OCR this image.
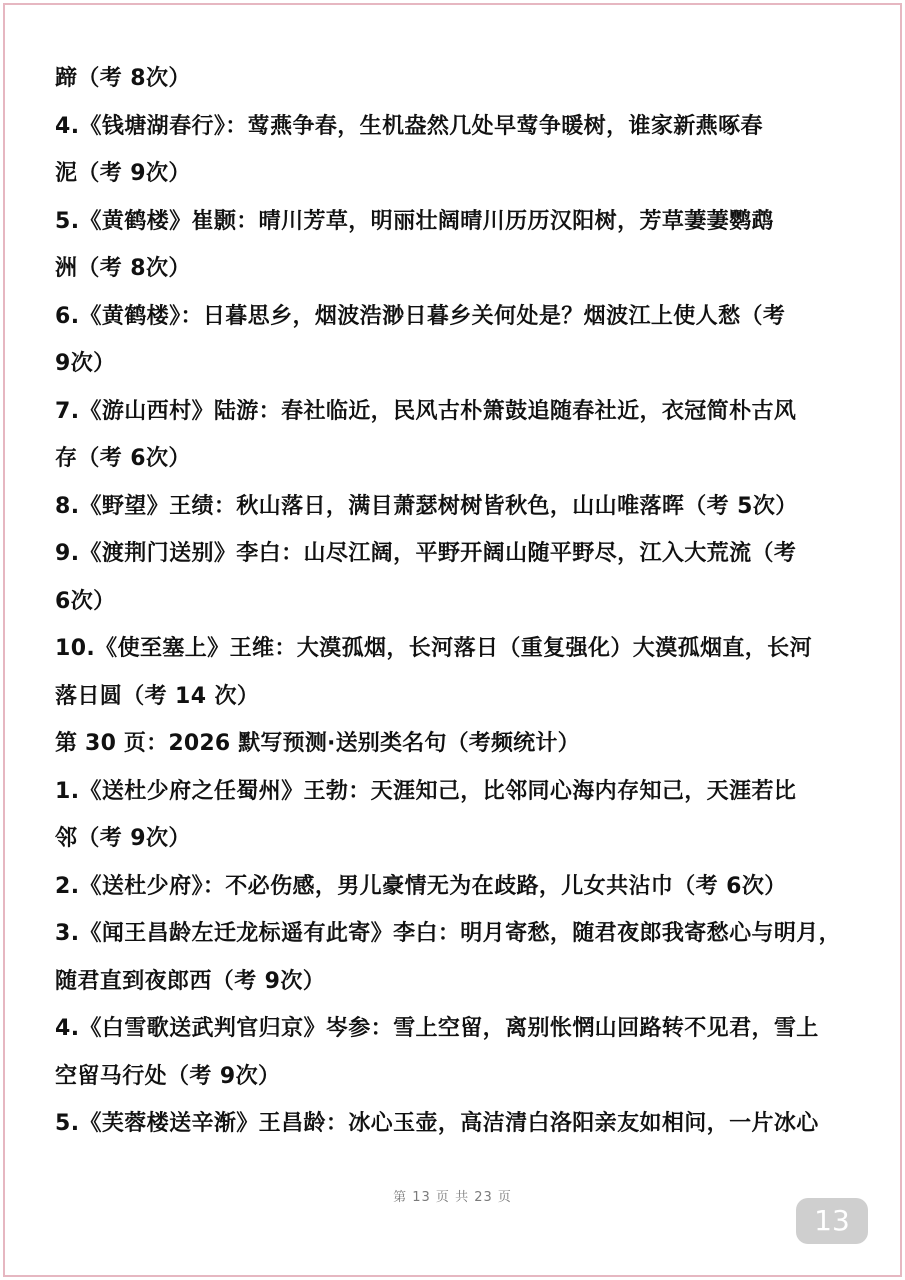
蹄（考 8次）
4.《钱塘湖春行》：莺燕争春，生机盎然几处早莺争暖树，谁家新燕啄春
泥（考 9次）
5.《黄鹤楼》崔颢：晴川芳草，明丽壮阔晴川历历汉阳树，芳草萋萋鹦鹉
洲（考 8次）
6.《黄鹤楼》：日暮思乡，烟波浩渺日暮乡关何处是？烟波江上使人愁（考
9次）
7.《游山西村》陆游：春社临近，民风古朴箫鼓追随春社近，衣冠简朴古风
存（考 6次）
8.《野望》王绩：秋山落日，满目萧瑟树树皆秋色，山山唯落晖（考 5次）
9.《渡荆门送别》李白：山尽江阔，平野开阔山随平野尽，江入大荒流（考
6次）
10.《使至塞上》王维：大漠孤烟，长河落日（重复强化）大漠孤烟直，长河
落日圆（考 14 次）
第 30 页：2026 默写预测·送别类名句（考频统计）
1.《送杜少府之任蜀州》王勃：天涯知己，比邻同心海内存知己，天涯若比
邻（考 9次）
2.《送杜少府》：不必伤感，男儿豪情无为在歧路，儿女共沾巾（考 6次）
3.《闻王昌龄左迁龙标遥有此寄》李白：明月寄愁，随君夜郎我寄愁心与明月，
随君直到夜郎西（考 9次）
4.《白雪歌送武判官归京》岑参：雪上空留，离别怅惘山回路转不见君，雪上
空留马行处（考 9次）
5.《芙蓉楼送辛渐》王昌龄：冰心玉壶，高洁清白洛阳亲友如相问，一片冰心
第 13 页 共 23 页
13
